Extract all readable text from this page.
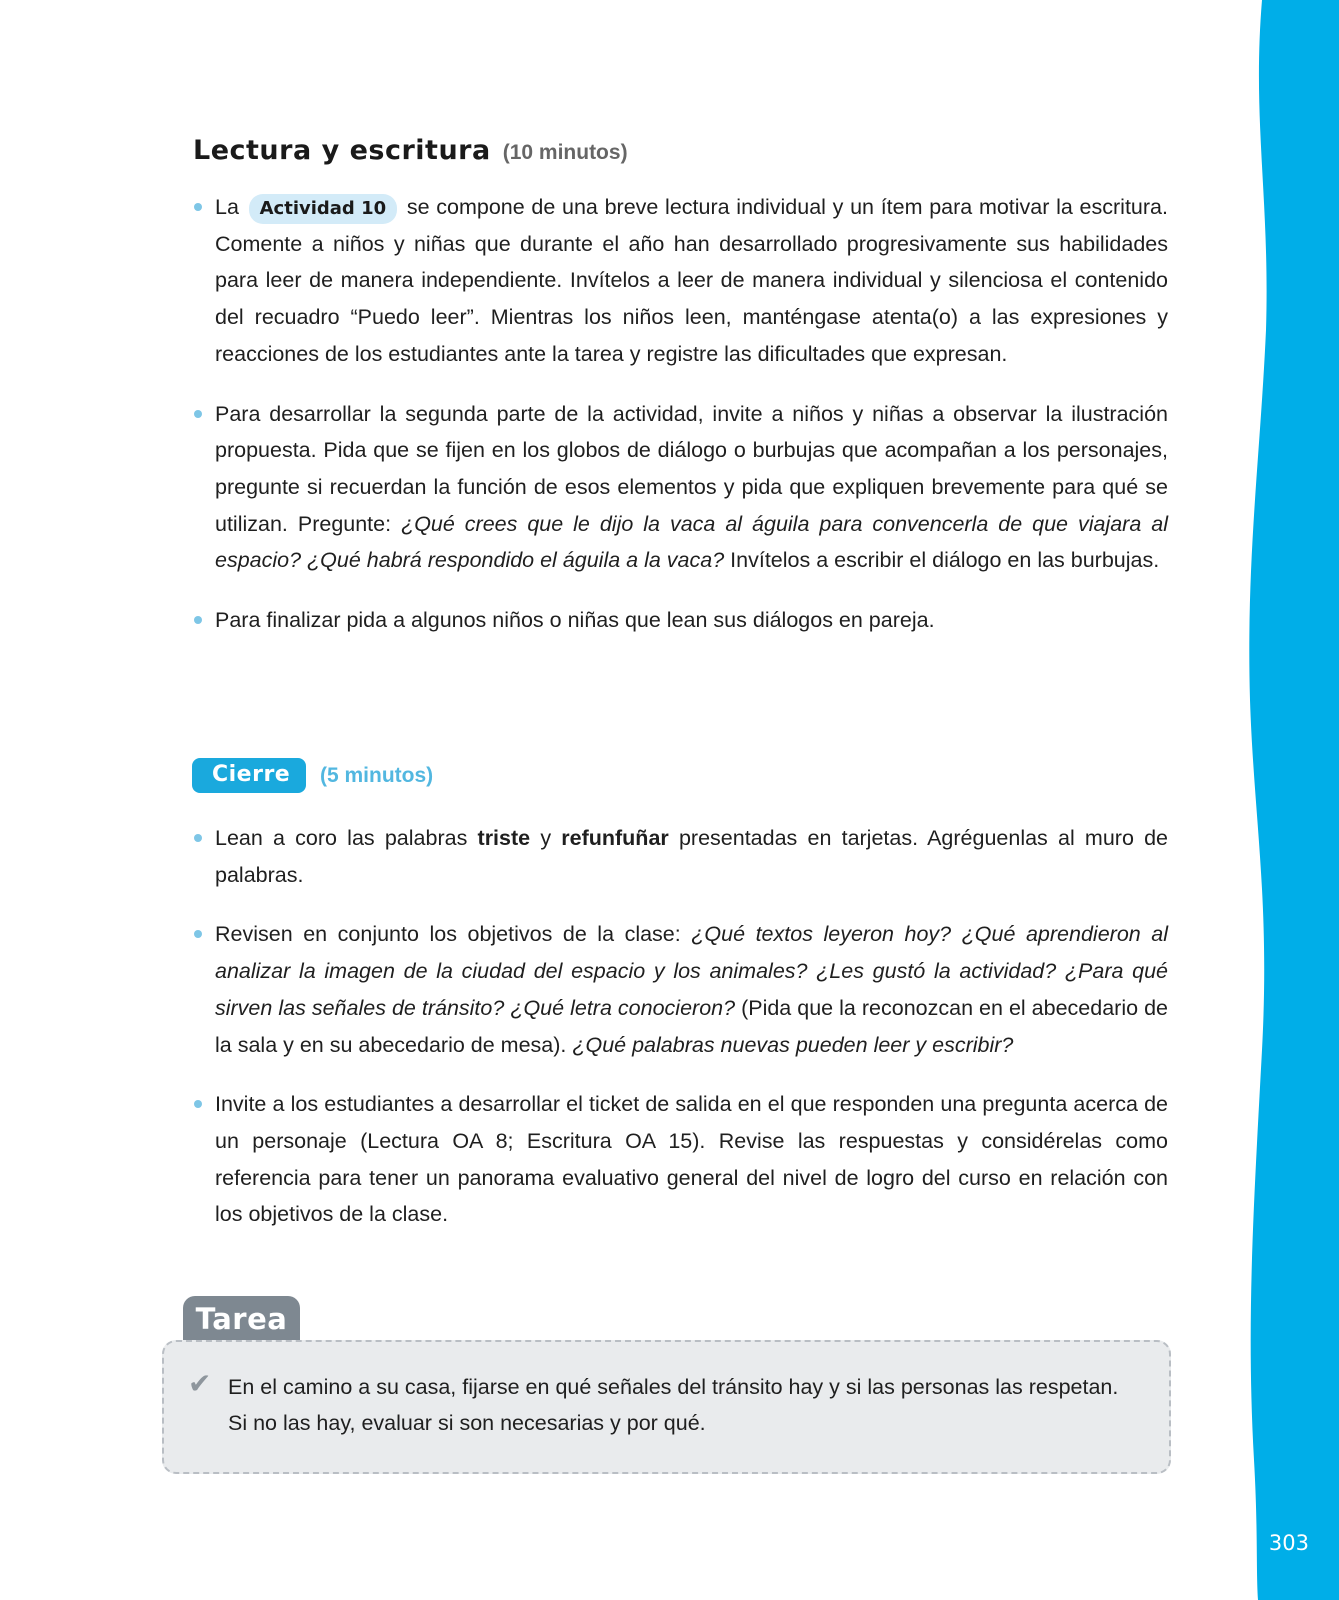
Lectura y escritura (10 minutos)
La Actividad 10 se compone de una breve lectura individual y un ítem para motivar la escritura. Comente a niños y niñas que durante el año han desarrollado progresivamente sus habilidades para leer de manera independiente. Invítelos a leer de manera individual y silenciosa el contenido del recuadro “Puedo leer”. Mientras los niños leen, manténgase atenta(o) a las expresiones y reacciones de los estudiantes ante la tarea y registre las dificultades que expresan.
Para desarrollar la segunda parte de la actividad, invite a niños y niñas a observar la ilustración propuesta. Pida que se fijen en los globos de diálogo o burbujas que acompañan a los personajes, pregunte si recuerdan la función de esos elementos y pida que expliquen brevemente para qué se utilizan. Pregunte: ¿Qué crees que le dijo la vaca al águila para convencerla de que viajara al espacio? ¿Qué habrá respondido el águila a la vaca? Invítelos a escribir el diálogo en las burbujas.
Para finalizar pida a algunos niños o niñas que lean sus diálogos en pareja.
Cierre	(5 minutos)
Lean a coro las palabras triste y refunfuñar presentadas en tarjetas. Agréguenlas al muro de palabras.
Revisen en conjunto los objetivos de la clase: ¿Qué textos leyeron hoy? ¿Qué aprendieron al analizar la imagen de la ciudad del espacio y los animales? ¿Les gustó la actividad? ¿Para qué sirven las señales de tránsito? ¿Qué letra conocieron? (Pida que la reconozcan en el abecedario de la sala y en su abecedario de mesa). ¿Qué palabras nuevas pueden leer y escribir?
Invite a los estudiantes a desarrollar el ticket de salida en el que responden una pregunta acerca de un personaje (Lectura OA 8; Escritura OA 15). Revise las respuestas y considérelas como referencia para tener un panorama evaluativo general del nivel de logro del curso en relación con los objetivos de la clase.
Tarea
✔ En el camino a su casa, fijarse en qué señales del tránsito hay y si las personas las respetan. Si no las hay, evaluar si son necesarias y por qué.
303
